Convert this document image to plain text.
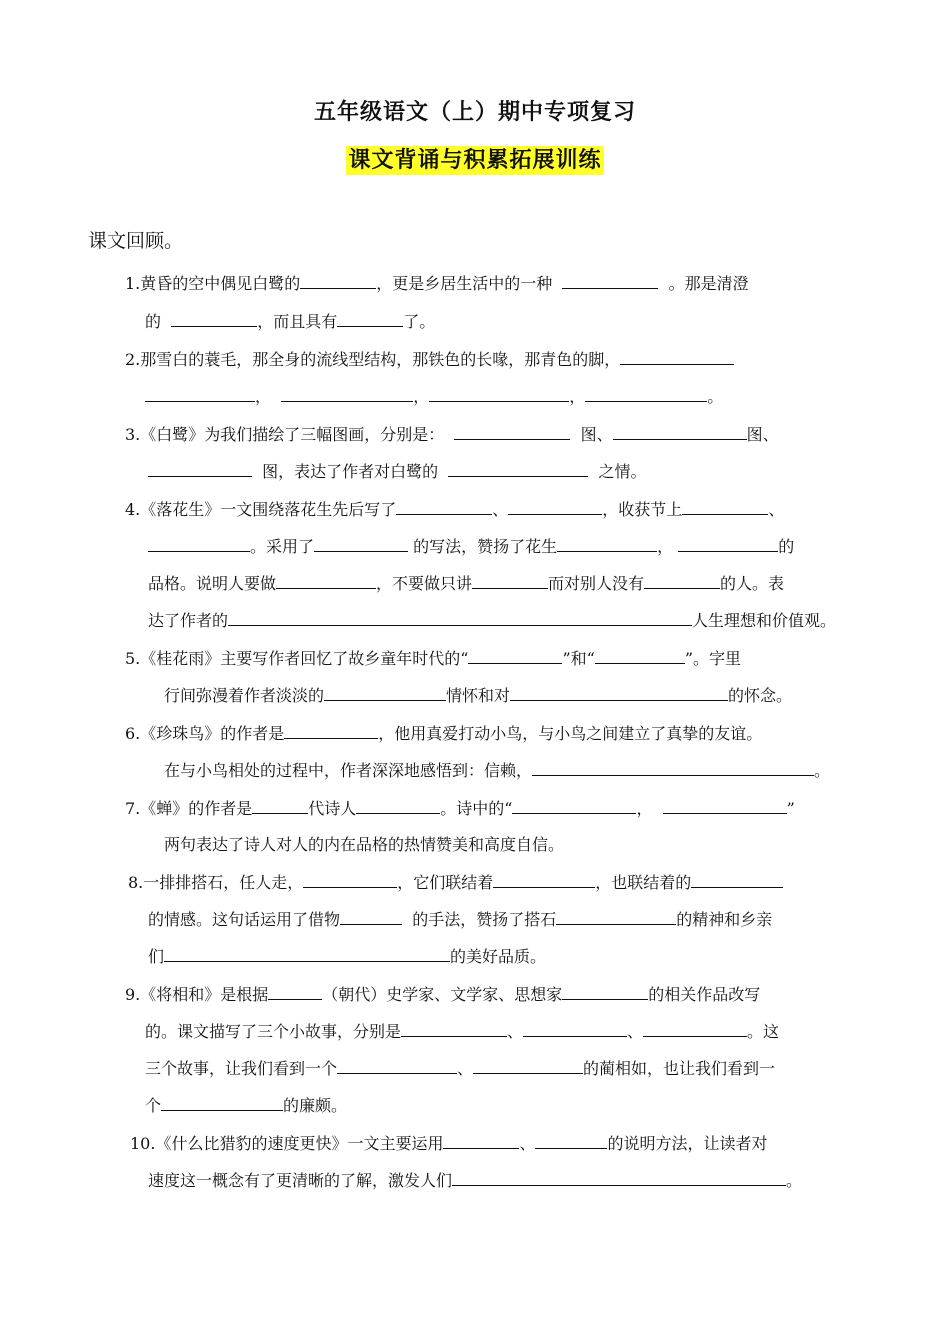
五年级语文（上）期中专项复习
课文背诵与积累拓展训练
课文回顾。
1.黄昏的空中偶见白鹭的	，更是乡居生活中的一种	。那是清澄
的	，而且具有	了。
2.那雪白的蓑毛，那全身的流线型结构，那铁色的长喙，那青色的脚，
，	，	，	。
3.《白鹭》为我们描绘了三幅图画，分别是：	图、	图、
图，表达了作者对白鹭的	之情。
4.《落花生》一文围绕落花生先后写了	、	，收获节上	、
。采用了	的写法，赞扬了花生	，	的
品格。说明人要做	，不要做只讲	而对别人没有	的人。表
达了作者的	人生理想和价值观。
5.《桂花雨》主要写作者回忆了故乡童年时代的“	”和“	”。字里
行间弥漫着作者淡淡的	情怀和对	的怀念。
6.《珍珠鸟》的作者是	，他用真爱打动小鸟，与小鸟之间建立了真挚的友谊。
在与小鸟相处的过程中，作者深深地感悟到：信赖，	。
7.《蝉》的作者是	代诗人	。诗中的“	，	”
两句表达了诗人对人的内在品格的热情赞美和高度自信。
8.一排排搭石，任人走，	，它们联结着	，也联结着的
的情感。这句话运用了借物	的手法，赞扬了搭石	的精神和乡亲
们	的美好品质。
9.《将相和》是根据	（朝代）史学家、文学家、思想家	的相关作品改写
的。课文描写了三个小故事，分别是	、	、	。这
三个故事，让我们看到一个	、	的蔺相如，也让我们看到一
个	的廉颇。
10.《什么比猎豹的速度更快》一文主要运用	、	的说明方法，让读者对
速度这一概念有了更清晰的了解，激发人们	。
